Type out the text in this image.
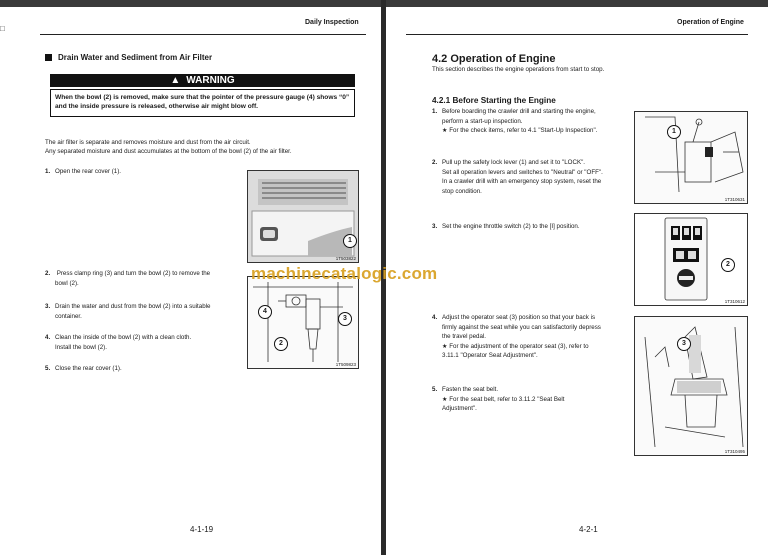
□
Daily Inspection
Drain Water and Sediment from Air Filter
▲ WARNING
When the bowl (2) is removed, make sure that the pointer of the pressure gauge (4) shows “0” and the inside pressure is released, otherwise air might blow off.
The air filter is separate and removes moisture and dust from the air circuit.
Any separated moisture and dust accumulates at the bottom of the bowl (2) of the air filter.
1. Open the rear cover (1).
2. Press clamp ring (3) and turn the bowl (2) to remove the
bowl (2).
3. Drain the water and dust from the bowl (2) into a suitable
container.
4. Clean the inside of the bowl (2) with a clean cloth.
Install the bowl (2).
5. Close the rear cover (1).
1
1T503822
4
2
3
1T509823
4-1-19
Operation of Engine
4.2 Operation of Engine
This section describes the engine operations from start to stop.
4.2.1 Before Starting the Engine
1. Before boarding the crawler drill and starting the engine,
perform a start-up inspection.
★ For the check items, refer to 4.1 "Start-Up Inspection".
2. Pull up the safety lock lever (1) and set it to "LOCK".
Set all operation levers and switches to "Neutral" or "OFF".
In a crawler drill with an emergency stop system, reset the
stop condition.
3. Set the engine throttle switch (2) to the [I] position.
4. Adjust the operator seat (3) position so that your back is
firmly against the seat while you can satisfactorily depress
the travel pedal.
★ For the adjustment of the operator seat (3), refer to
3.11.1 "Operator Seat Adjustment".
5. Fasten the seat belt.
★ For the seat belt, refer to 3.11.2 "Seat Belt
Adjustment".
1
1T310631
2
1T310612
3
1T310495
4-2-1
machinecatalogic.com
